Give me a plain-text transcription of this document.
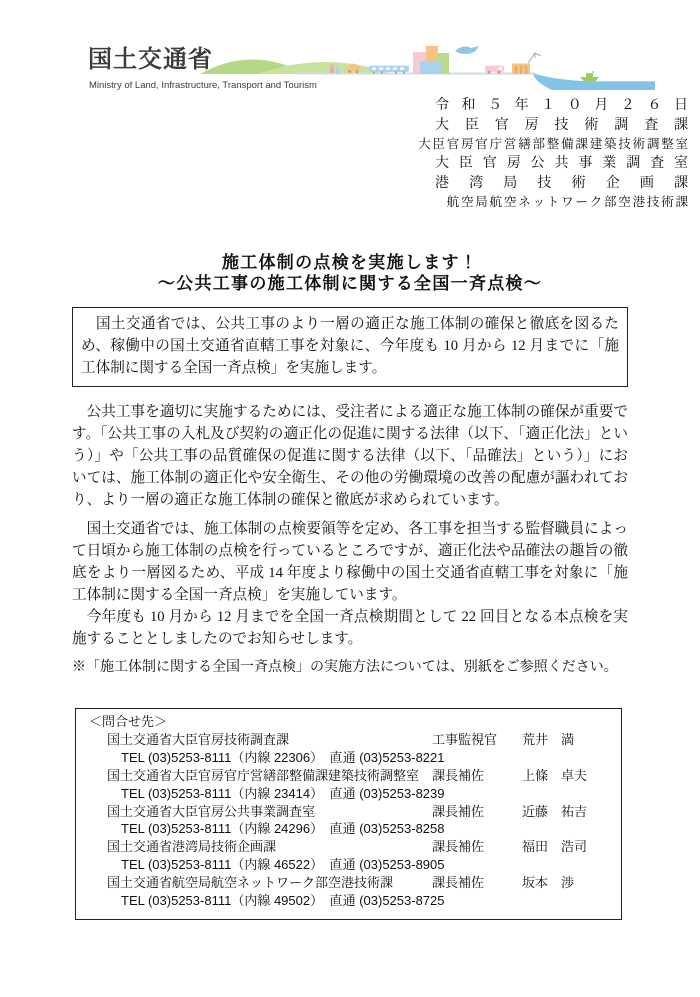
国土交通省
Ministry of Land, Infrastructure, Transport and Tourism
令和５年１０月２６日
大臣官房技術調査課
大臣官房官庁営繕部整備課建築技術調整室
大臣官房公共事業調査室
港湾局技術企画課
航空局航空ネットワーク部空港技術課
施工体制の点検を実施します！
～公共工事の施工体制に関する全国一斉点検～

　国土交通省では、公共工事のより一層の適正な施工体制の確保と徹底を図るため、稼働中の国土交通省直轄工事を対象に、今年度も 10 月から 12 月までに「施工体制に関する全国一斉点検」を実施します。

　公共工事を適切に実施するためには、受注者による適正な施工体制の確保が重要です。「公共工事の入札及び契約の適正化の促進に関する法律（以下、「適正化法」という）」や「公共工事の品質確保の促進に関する法律（以下、「品確法」という）」においては、施工体制の適正化や安全衛生、その他の労働環境の改善の配慮が謳われており、より一層の適正な施工体制の確保と徹底が求められています。

　国土交通省では、施工体制の点検要領等を定め、各工事を担当する監督職員によって日頃から施工体制の点検を行っているところですが、適正化法や品確法の趣旨の徹底をより一層図るため、平成 14 年度より稼働中の国土交通省直轄工事を対象に「施工体制に関する全国一斉点検」を実施しています。

　今年度も 10 月から 12 月までを全国一斉点検期間として 22 回目となる本点検を実施することとしましたのでお知らせします。

※「施工体制に関する全国一斉点検」の実施方法については、別紙をご参照ください。

＜問合せ先＞
国土交通省大臣官房技術調査課	工事監視官	荒井　満
TEL (03)5253-8111（内線 22306）　直通 (03)5253-8221
国土交通省大臣官房官庁営繕部整備課建築技術調整室 課長補佐	上條　卓夫
TEL (03)5253-8111（内線 23414）　直通 (03)5253-8239
国土交通省大臣官房公共事業調査室	課長補佐	近藤　祐吉
TEL (03)5253-8111（内線 24296）　直通 (03)5253-8258
国土交通省港湾局技術企画課	課長補佐	福田　浩司
TEL (03)5253-8111（内線 46522）　直通 (03)5253-8905
国土交通省航空局航空ネットワーク部空港技術課	課長補佐	坂本　渉
TEL (03)5253-8111（内線 49502）　直通 (03)5253-8725
